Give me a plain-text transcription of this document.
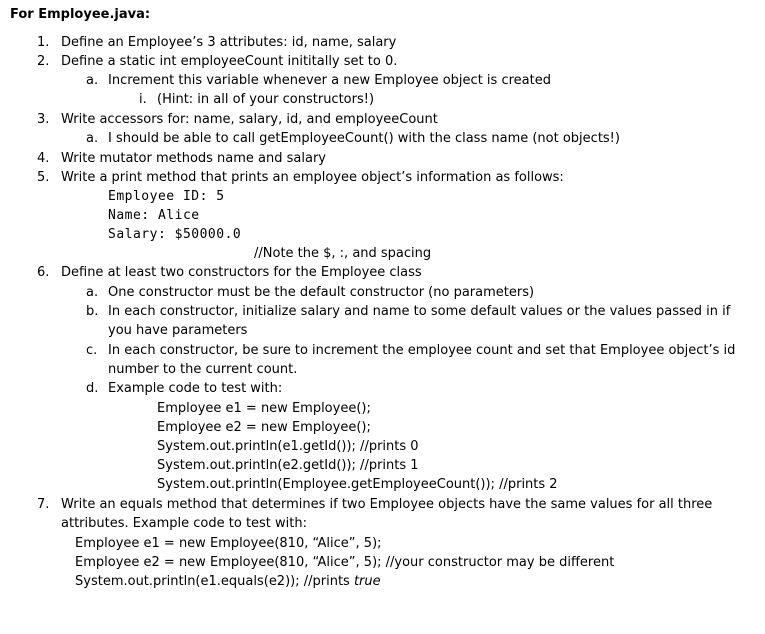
For Employee.java:
1. Define an Employee’s 3 attributes: id, name, salary
2. Define a static int employeeCount inititally set to 0.
a. Increment this variable whenever a new Employee object is created
i. (Hint: in all of your constructors!)
3. Write accessors for: name, salary, id, and employeeCount
a. I should be able to call getEmployeeCount() with the class name (not objects!)
4. Write mutator methods name and salary
5. Write a print method that prints an employee object’s information as follows:
Employee ID: 5
Name: Alice
Salary: $50000.0
//Note the $, :, and spacing
6. Define at least two constructors for the Employee class
a. One constructor must be the default constructor (no parameters)
b. In each constructor, initialize salary and name to some default values or the values passed in if
you have parameters
c. In each constructor, be sure to increment the employee count and set that Employee object’s id
number to the current count.
d. Example code to test with:
Employee e1 = new Employee();
Employee e2 = new Employee();
System.out.println(e1.getId()); //prints 0
System.out.println(e2.getId()); //prints 1
System.out.println(Employee.getEmployeeCount()); //prints 2
7. Write an equals method that determines if two Employee objects have the same values for all three
attributes. Example code to test with:
Employee e1 = new Employee(810, “Alice”, 5);
Employee e2 = new Employee(810, “Alice”, 5); //your constructor may be different
System.out.println(e1.equals(e2)); //prints true
